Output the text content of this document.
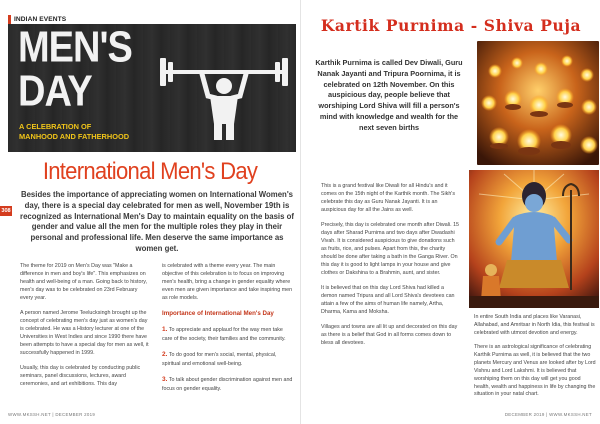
INDIAN EVENTS
MEN'S
DAY
A CELEBRATION OF
MANHOOD AND FATHERHOOD
International Men's Day
Besides the importance of appreciating women on International Women's day, there is a special day celebrated for men as well, November 19th is recognized as International Men's Day to maintain equality on the basis of gender and value all the men for the multiple roles they play in their personal and professional life. Men deserve the same importance as women get.
308

The theme for 2019 on Men's Day was "Make a difference in men and boy's life". This emphasizes on health and well-being of a man. Going back to history, men's day was to be celebrated on 23rd February every year.

A person named Jerome Teelucksingh brought up the concept of celebrating men's day just as women's day is celebrated. He was a History lecturer at one of the Universities in West Indies and since 1990 there have been attempts to have a special day for men as well, it successfully happened in 1999.

Usually, this day is celebrated by conducting public seminars, panel discussions, lectures, award ceremonies, and art exhibitions. This day

is celebrated with a theme every year. The main objective of this celebration is to focus on improving men's health, bring a change in gender equality where even men are given importance and take inspiring men as role models.

Importance of International Men's Day

1. To appreciate and applaud for the way men take care of the society, their families and the community.

2. To do good for men's social, mental, physical, spiritual and emotional well-being.

3. To talk about gender discrimination against men and focus on gender equality.

WWW.MKSSH.NET | DECEMBER 2019
Kartik Purnima - Shiva Puja
Karthik Purnima is called Dev Diwali, Guru Nanak Jayanti and Tripura Poornima, it is celebrated on 12th November. On this auspicious day, people believe that worshiping Lord Shiva will fill a person's mind with knowledge and wealth for the next seven births

This is a grand festival like Diwali for all Hindu's and it comes on the 15th night of the Karthik month. The Sikh's celebrate this day as Guru Nanak Jayanti. It is an auspicious day for all the Jains as well.

Precisely, this day is celebrated one month after Diwali. 15 days after Sharad Purnima and two days after Dwadashi Vivah. It is considered auspicious to give donations such as fruits, rice, and pulses. Apart from this, the charity should be done after taking a bath in the Ganga River. On this day it is good to light lamps in your house and give clothes or Dakshina to a Brahmin, aunt, and sister.

It is believed that on this day Lord Shiva had killed a demon named Tripura and all Lord Shiva's devotees can attain a few of the aims of human life namely, Artha, Dharma, Kama and Moksha.

Villages and towns are all lit up and decorated on this day as there is a belief that God in all forms comes down to bless all devotees.

In entire South India and places like Varanasi, Allahabad, and Amritsar in North Idia, this festival is celebrated with utmost devotion and energy.

There is an astrological significance of celebrating Karthik Purnima as well, it is believed that the two planets Mercury and Venus are looked after by Lord Vishnu and Lord Lakshmi. It is believed that worshiping them on this day will get you good health, wealth and happiness in life by changing the situation in your natal chart.

DECEMBER 2019 | WWW.MKSSH.NET
